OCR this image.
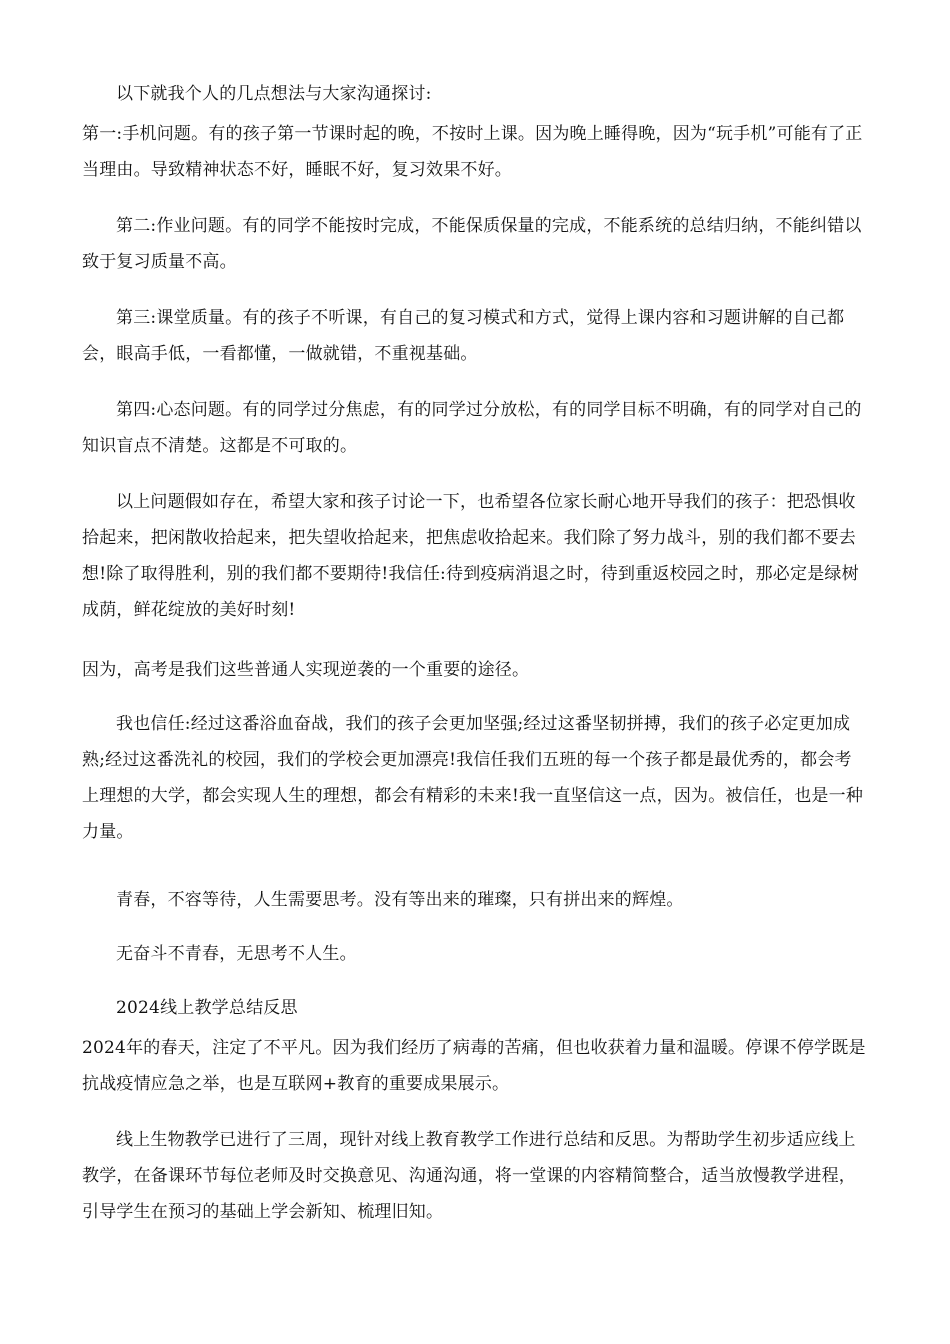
以下就我个人的几点想法与大家沟通探讨:

第一:手机问题。有的孩子第一节课时起的晚，不按时上课。因为晚上睡得晚，因为“玩手机”可能有了正当理由。导致精神状态不好，睡眠不好，复习效果不好。

第二:作业问题。有的同学不能按时完成，不能保质保量的完成，不能系统的总结归纳，不能纠错以致于复习质量不高。

第三:课堂质量。有的孩子不听课，有自己的复习模式和方式，觉得上课内容和习题讲解的自己都会，眼高手低，一看都懂，一做就错，不重视基础。

第四:心态问题。有的同学过分焦虑，有的同学过分放松，有的同学目标不明确，有的同学对自己的知识盲点不清楚。这都是不可取的。

以上问题假如存在，希望大家和孩子讨论一下，也希望各位家长耐心地开导我们的孩子：把恐惧收拾起来，把闲散收拾起来，把失望收拾起来，把焦虑收拾起来。我们除了努力战斗，别的我们都不要去想!除了取得胜利，别的我们都不要期待!我信任:待到疫病消退之时，待到重返校园之时，那必定是绿树成荫，鲜花绽放的美好时刻!

因为，高考是我们这些普通人实现逆袭的一个重要的途径。

我也信任:经过这番浴血奋战，我们的孩子会更加坚强;经过这番坚韧拼搏，我们的孩子必定更加成熟;经过这番洗礼的校园，我们的学校会更加漂亮!我信任我们五班的每一个孩子都是最优秀的，都会考上理想的大学，都会实现人生的理想，都会有精彩的未来!我一直坚信这一点，因为。被信任，也是一种力量。

青春，不容等待，人生需要思考。没有等出来的璀璨，只有拼出来的辉煌。

无奋斗不青春，无思考不人生。

2024线上教学总结反思

2024年的春天，注定了不平凡。因为我们经历了病毒的苦痛，但也收获着力量和温暖。停课不停学既是抗战疫情应急之举，也是互联网+教育的重要成果展示。

线上生物教学已进行了三周，现针对线上教育教学工作进行总结和反思。为帮助学生初步适应线上教学，在备课环节每位老师及时交换意见、沟通沟通，将一堂课的内容精简整合，适当放慢教学进程，引导学生在预习的基础上学会新知、梳理旧知。
